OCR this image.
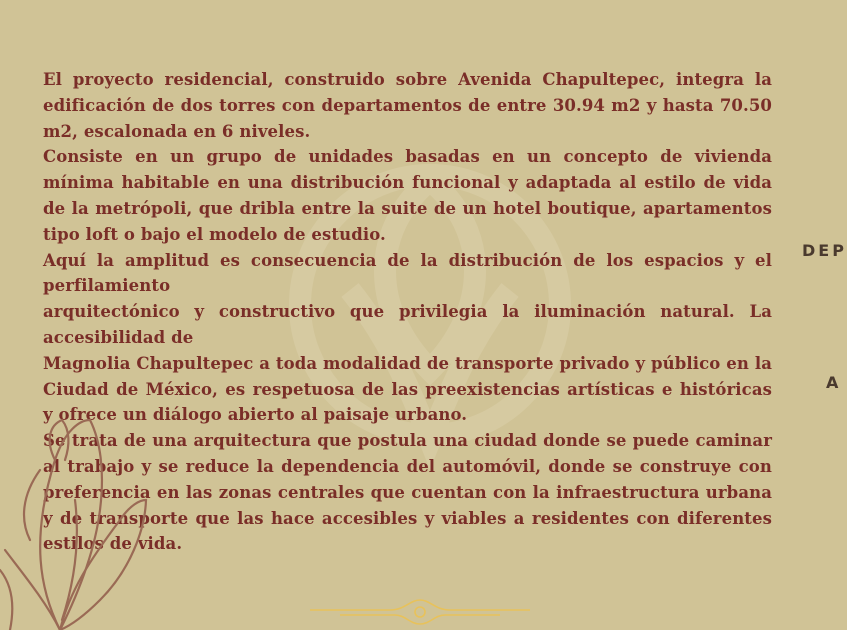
El proyecto residencial, construido sobre Avenida Chapultepec, integra la edificación de dos torres con departamentos de entre 30.94 m2 y hasta 70.50 m2, escalonada en 6 niveles.

Consiste en un grupo de unidades basadas en un concepto de vivienda mínima habitable en una distribución funcional y adaptada al estilo de vida de la metrópoli, que dribla entre la suite de un hotel boutique, apartamentos tipo loft o bajo el modelo de estudio.

Aquí la amplitud es consecuencia de la distribución de los espacios y el perfilamiento

arquitectónico y constructivo que privilegia la iluminación natural. La accesibilidad de

Magnolia Chapultepec a toda modalidad de transporte privado y público en la Ciudad de México, es respetuosa de las preexistencias artísticas e históricas y ofrece un diálogo abierto al paisaje urbano.

Se trata de una arquitectura que postula una ciudad donde se puede caminar al trabajo y se reduce la dependencia del automóvil, donde se construye con preferencia en las zonas centrales que cuentan con la infraestructura urbana y de transporte que las hace accesibles y viables a residentes con diferentes estilos de vida.

DEP
A
